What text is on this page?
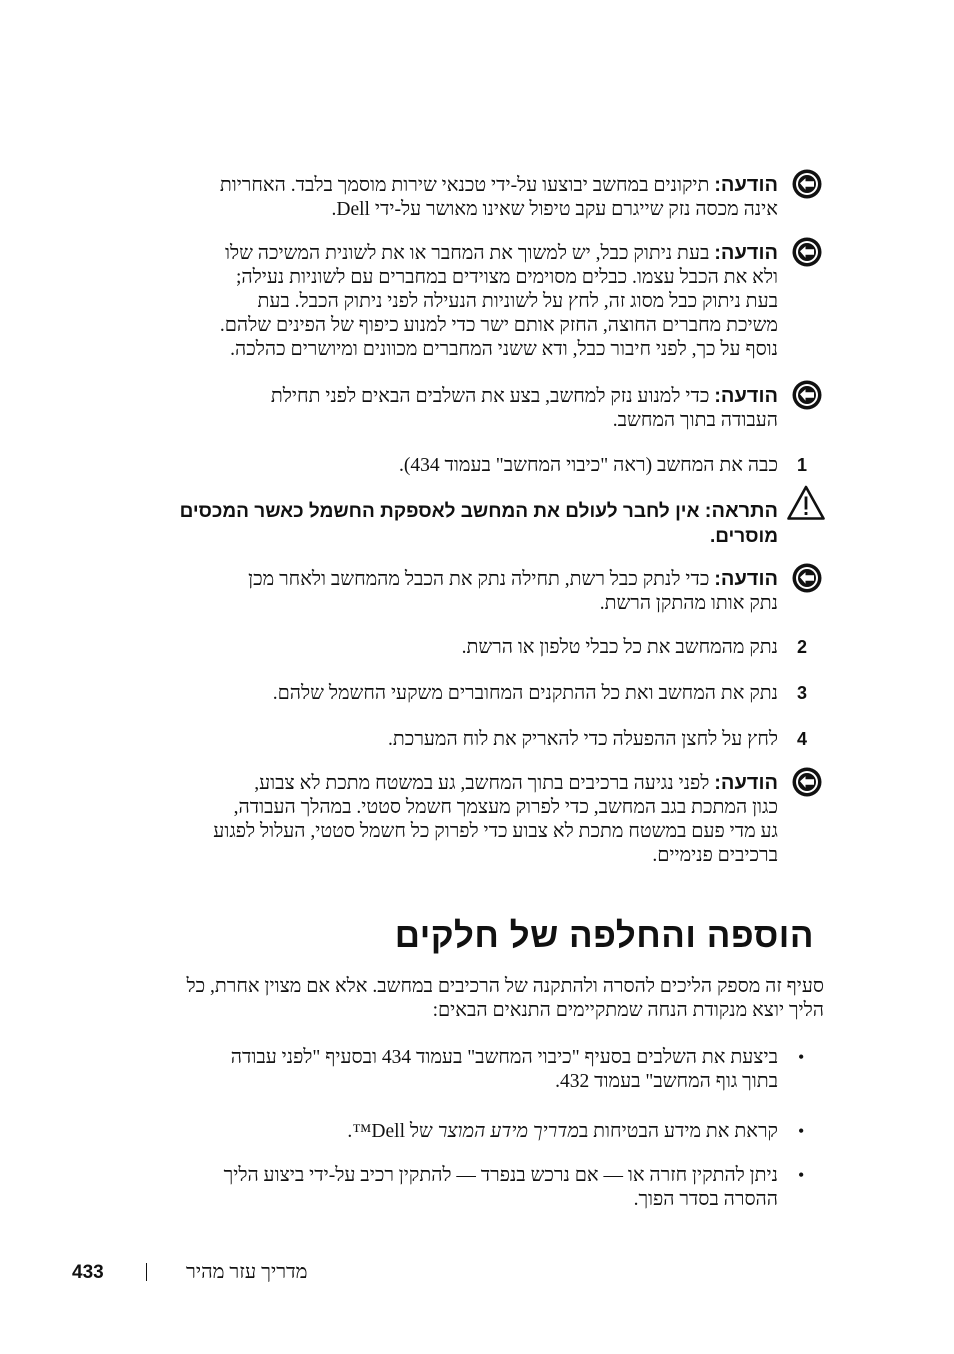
הודעה: תיקונים במחשב יבוצעו על-ידי טכנאי שירות מוסמך בלבד. האחריות
אינה מכסה נזק שייגרם עקב טיפול שאינו מאושר על-ידי Dell.
הודעה: בעת ניתוק כבל, יש למשוך את המחבר או את לשונית המשיכה שלו
ולא את הכבל עצמו. כבלים מסוימים מצוידים במחברים עם לשוניות נעילה;
בעת ניתוק כבל מסוג זה, לחץ על לשוניות הנעילה לפני ניתוק הכבל. בעת
משיכת מחברים החוצה, החזק אותם ישר כדי למנוע כיפוף של הפינים שלהם.
נוסף על כך, לפני חיבור כבל, ודא ששני המחברים מכוונים ומיושרים כהלכה.
הודעה: כדי למנוע נזק למחשב, בצע את השלבים הבאים לפני תחילת
העבודה בתוך המחשב.
1
כבה את המחשב (ראה "כיבוי המחשב" בעמוד 434).
התראה: אין לחבר לעולם את המחשב לאספקת החשמל כאשר המכסים
מוסרים.
הודעה: כדי לנתק כבל רשת, תחילה נתק את הכבל מהמחשב ולאחר מכן
נתק אותו מהתקן הרשת.
2
נתק מהמחשב את כל כבלי טלפון או הרשת.
3
נתק את המחשב ואת כל ההתקנים המחוברים משקעי החשמל שלהם.
4
לחץ על לחצן ההפעלה כדי להאריק את לוח המערכת.
הודעה: לפני נגיעה ברכיבים בתוך המחשב, גע במשטח מתכת לא צבוע,
כגון המתכת בגב המחשב, כדי לפרוק מעצמך חשמל סטטי. במהלך העבודה,
גע מדי פעם במשטח מתכת לא צבוע כדי לפרוק כל חשמל סטטי, העלול לפגוע
ברכיבים פנימיים.
הוספה והחלפה של חלקים
סעיף זה מספק הליכים להסרה ולהתקנה של הרכיבים במחשב. אלא אם מצוין אחרת, כל
הליך יוצא מנקודת הנחה שמתקיימים התנאים הבאים:
•
ביצעת את השלבים בסעיף "כיבוי המחשב" בעמוד 434 ובסעיף "לפני עבודה
בתוך גוף המחשב" בעמוד 432.
•
קראת את מידע הבטיחות במדריך מידע המוצר של Dell™.
•
ניתן להתקין חזרה או — אם נרכש בנפרד — להתקין רכיב על-ידי ביצוע הליך
ההסרה בסדר הפוך.
433	מדריך עזר מהיר
